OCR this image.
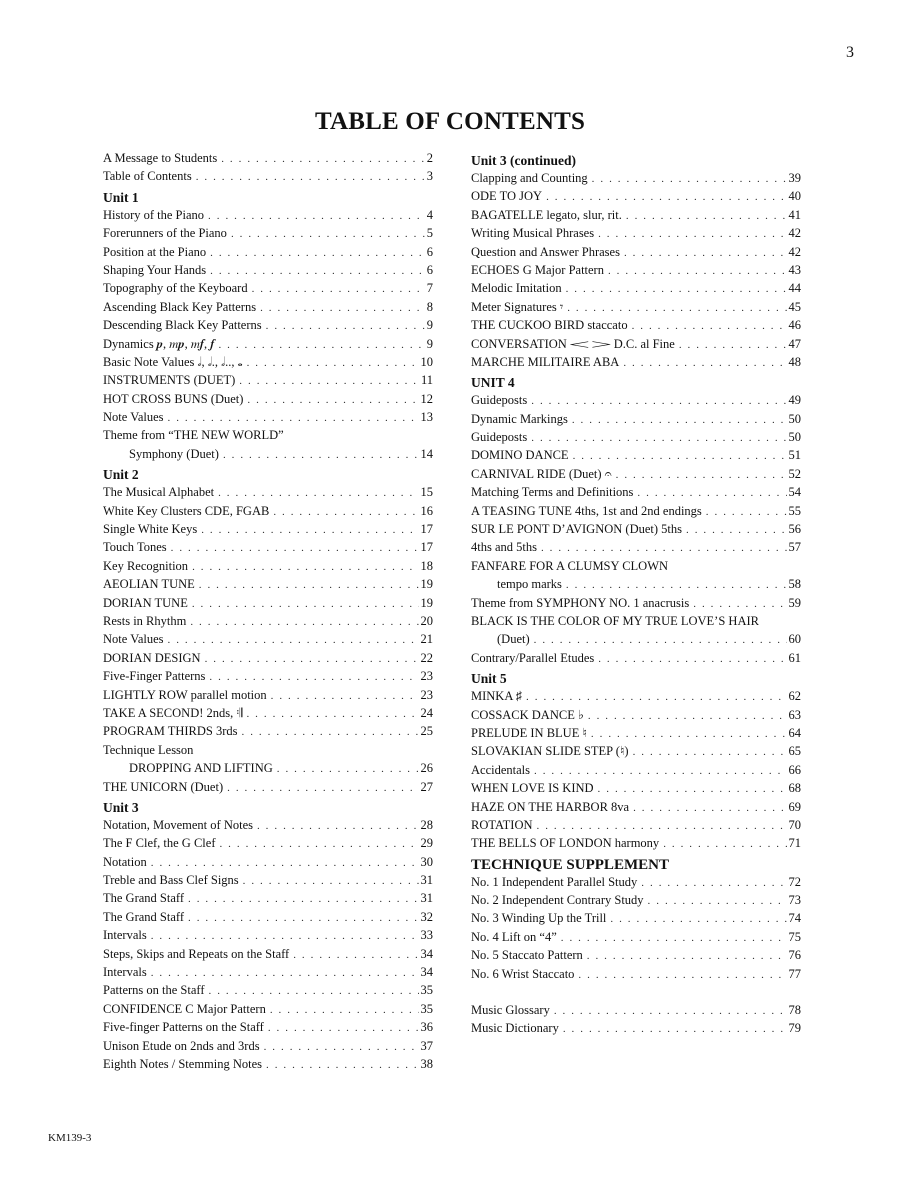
3
TABLE OF CONTENTS
A Message to Students . . .	2
Table of Contents . . .	3
Unit 1
History of the Piano . . .	4
Forerunners of the Piano . . .	5
Position at the Piano . . .	6
Shaping Your Hands . . .	6
Topography of the Keyboard . . .	7
Ascending Black Key Patterns . . .	8
Descending Black Key Patterns . . .	9
Dynamics 𝆏, 𝆐𝆏, 𝆐𝆑, 𝆑 . . .	9
Basic Note Values 𝅗𝅥, 𝅗𝅥., 𝅗𝅥.., 𝅝 . . .	10
INSTRUMENTS (DUET) . . .	11
HOT CROSS BUNS (Duet) . . .	12
Note Values . . .	13
Theme from “THE NEW WORLD”
Symphony (Duet) . . .	14
Unit 2
The Musical Alphabet . . .	15
White Key Clusters CDE, FGAB . . .	16
Single White Keys . . .	17
Touch Tones . . .	17
Key Recognition . . .	18
AEOLIAN TUNE . . .	19
DORIAN TUNE . . .	19
Rests in Rhythm . . .	20
Note Values . . .	21
DORIAN DESIGN . . .	22
Five-Finger Patterns . . .	23
LIGHTLY ROW parallel motion . . .	23
TAKE A SECOND! 2nds, 𝄇 . . .	24
PROGRAM THIRDS 3rds . . .	25
Technique Lesson
DROPPING AND LIFTING . . .	26
THE UNICORN (Duet) . . .	27
Unit 3
Notation, Movement of Notes . . .	28
The F Clef, the G Clef . . .	29
Notation . . .	30
Treble and Bass Clef Signs . . .	31
The Grand Staff . . .	31
The Grand Staff . . .	32
Intervals . . .	33
Steps, Skips and Repeats on the Staff . . .	34
Intervals . . .	34
Patterns on the Staff . . .	35
CONFIDENCE C Major Pattern . . .	35
Five-finger Patterns on the Staff . . .	36
Unison Etude on 2nds and 3rds . . .	37
Eighth Notes / Stemming Notes . . .	38
Unit 3 (continued)
Clapping and Counting . . .	39
ODE TO JOY . . .	40
BAGATELLE legato, slur, rit. . . .	41
Writing Musical Phrases . . .	42
Question and Answer Phrases . . .	42
ECHOES G Major Pattern . . .	43
Melodic Imitation . . .	44
Meter Signatures 𝄾 . . .	45
THE CUCKOO BIRD staccato . . .	46
CONVERSATION 𝆒 𝆓 D.C. al Fine . . .	47
MARCHE MILITAIRE ABA . . .	48
UNIT 4
Guideposts . . .	49
Dynamic Markings . . .	50
Guideposts . . .	50
DOMINO DANCE . . .	51
CARNIVAL RIDE (Duet) 𝄐 . . .	52
Matching Terms and Definitions . . .	54
A TEASING TUNE 4ths, 1st and 2nd endings . . .	55
SUR LE PONT D’AVIGNON (Duet) 5ths . . .	56
4ths and 5ths . . .	57
FANFARE FOR A CLUMSY CLOWN
tempo marks . . .	58
Theme from SYMPHONY NO. 1 anacrusis . . .	59
BLACK IS THE COLOR OF MY TRUE LOVE’S HAIR
(Duet) . . .	60
Contrary/Parallel Etudes . . .	61
Unit 5
MINKA ♯ . . .	62
COSSACK DANCE ♭ . . .	63
PRELUDE IN BLUE ♮ . . .	64
SLOVAKIAN SLIDE STEP (♮) . . .	65
Accidentals . . .	66
WHEN LOVE IS KIND . . .	68
HAZE ON THE HARBOR 8va . . .	69
ROTATION . . .	70
THE BELLS OF LONDON harmony . . .	71
TECHNIQUE SUPPLEMENT
No. 1 Independent Parallel Study . . .	72
No. 2 Independent Contrary Study . . .	73
No. 3 Winding Up the Trill . . .	74
No. 4 Lift on “4” . . .	75
No. 5 Staccato Pattern . . .	76
No. 6 Wrist Staccato . . .	77
Music Glossary . . .	78
Music Dictionary . . .	79
KM139-3
